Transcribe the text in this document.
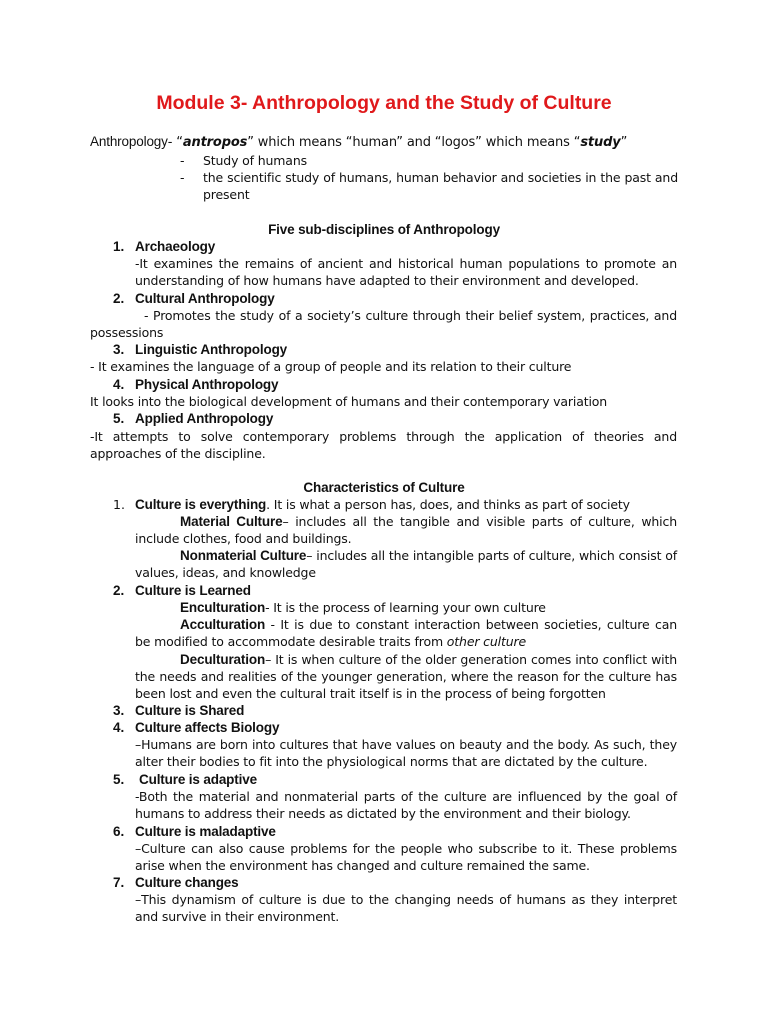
Module 3- Anthropology and the Study of Culture
Anthropology- “antropos” which means “human” and “logos” which means “study”
- Study of humans
- the scientific study of humans, human behavior and societies in the past and present
Five sub-disciplines of Anthropology
1. Archaeology
-It examines the remains of ancient and historical human populations to promote an understanding of how humans have adapted to their environment and developed.
2. Cultural Anthropology
- Promotes the study of a society’s culture through their belief system, practices, and possessions
3. Linguistic Anthropology
- It examines the language of a group of people and its relation to their culture
4. Physical Anthropology
It looks into the biological development of humans and their contemporary variation
5. Applied Anthropology
-It attempts to solve contemporary problems through the application of theories and approaches of the discipline.
Characteristics of Culture
1. Culture is everything. It is what a person has, does, and thinks as part of society
Material Culture– includes all the tangible and visible parts of culture, which include clothes, food and buildings.
Nonmaterial Culture– includes all the intangible parts of culture, which consist of values, ideas, and knowledge
2. Culture is Learned
Enculturation- It is the process of learning your own culture
Acculturation - It is due to constant interaction between societies, culture can be modified to accommodate desirable traits from other culture
Deculturation– It is when culture of the older generation comes into conflict with the needs and realities of the younger generation, where the reason for the culture has been lost and even the cultural trait itself is in the process of being forgotten
3. Culture is Shared
4. Culture affects Biology
–Humans are born into cultures that have values on beauty and the body. As such, they alter their bodies to fit into the physiological norms that are dictated by the culture.
5. Culture is adaptive
-Both the material and nonmaterial parts of the culture are influenced by the goal of humans to address their needs as dictated by the environment and their biology.
6. Culture is maladaptive
–Culture can also cause problems for the people who subscribe to it. These problems arise when the environment has changed and culture remained the same.
7. Culture changes
–This dynamism of culture is due to the changing needs of humans as they interpret and survive in their environment.
